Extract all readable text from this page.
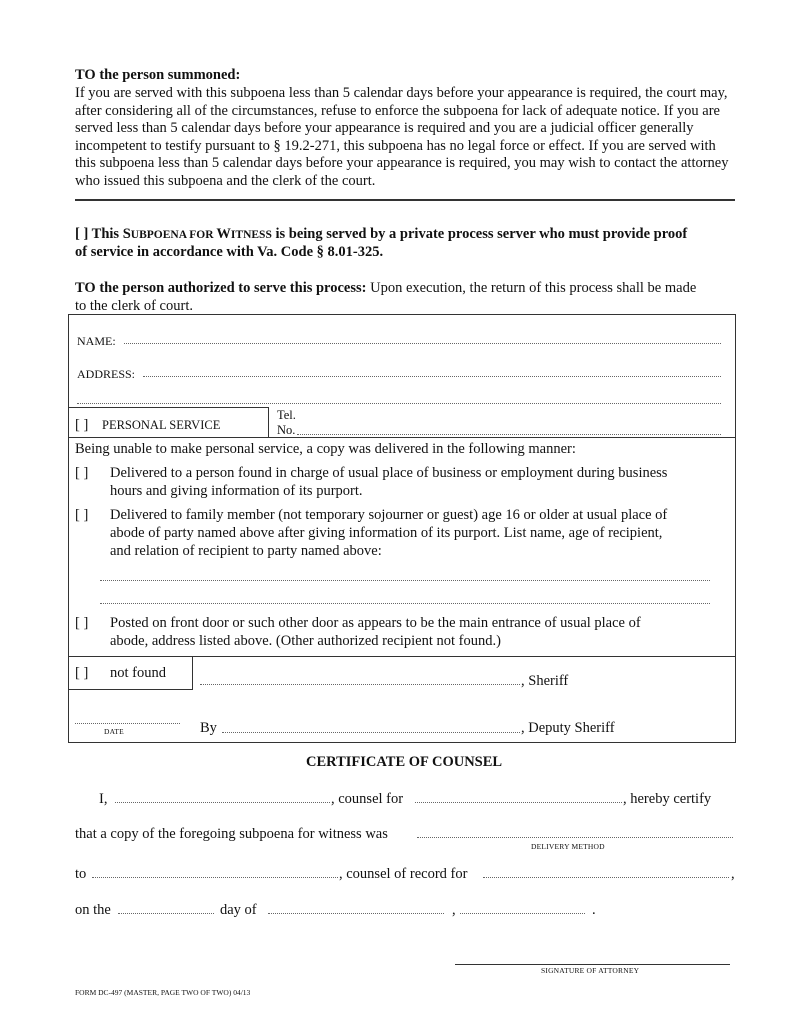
TO the person summoned:
If you are served with this subpoena less than 5 calendar days before your appearance is required, the court may,
after considering all of the circumstances, refuse to enforce the subpoena for lack of adequate notice. If you are
served less than 5 calendar days before your appearance is required and you are a judicial officer generally
incompetent to testify pursuant to § 19.2-271, this subpoena has no legal force or effect. If you are served with
this subpoena less than 5 calendar days before your appearance is required, you may wish to contact the attorney
who issued this subpoena and the clerk of the court.
[ ] This SUBPOENA FOR WITNESS is being served by a private process server who must provide proof
of service in accordance with Va. Code § 8.01-325.
TO the person authorized to serve this process: Upon execution, the return of this process shall be made
to the clerk of court.
NAME:
ADDRESS:
[ ] PERSONAL SERVICE
Tel.
No.
Being unable to make personal service, a copy was delivered in the following manner:
[ ] Delivered to a person found in charge of usual place of business or employment during business
hours and giving information of its purport.
[ ] Delivered to family member (not temporary sojourner or guest) age 16 or older at usual place of
abode of party named above after giving information of its purport. List name, age of recipient,
and relation of recipient to party named above:
[ ] Posted on front door or such other door as appears to be the main entrance of usual place of
abode, address listed above. (Other authorized recipient not found.)
[ ] not found	, Sheriff
DATE	By	, Deputy Sheriff
CERTIFICATE OF COUNSEL
I,	, counsel for	, hereby certify
that a copy of the foregoing subpoena for witness was
DELIVERY METHOD
to	, counsel of record for	,
on the	day of	,	.
SIGNATURE OF ATTORNEY
FORM DC-497 (MASTER, PAGE TWO OF TWO) 04/13
